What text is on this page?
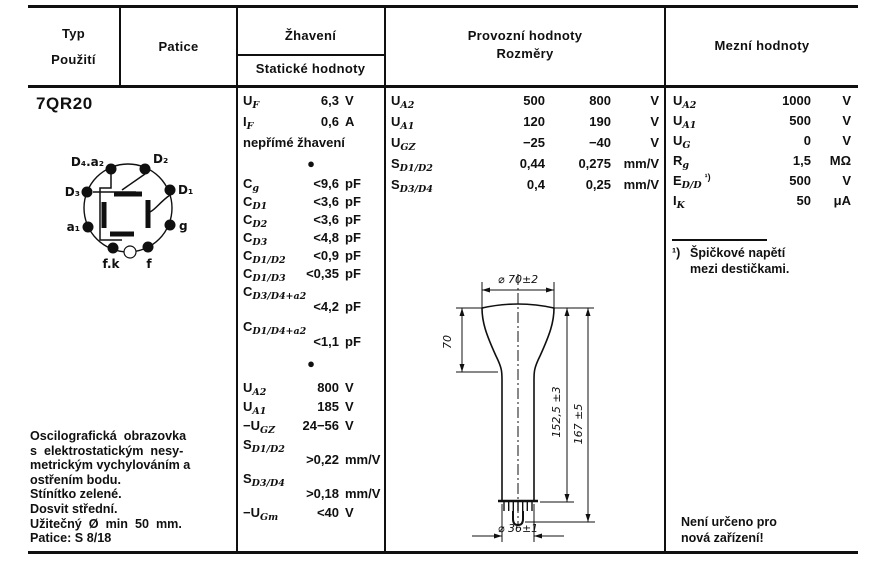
Typ
Použití
Patice
Žhavení
Statické hodnoty
Provozní hodnoty
Rozměry
Mezní hodnoty
7QR20
D₄.a₂	D₂
D₃	D₁
a₁	g
f.k f
Oscilografická  obrazovka
s  elektrostatickým  nesy-
metrickým vychylováním a
ostřením bodu.
Stínítko zelené.
Dosvit střední.
Užitečný  Ø  min  50  mm.
Patice: S 8/18
$U_F$	6,3 V
$I_F$	0,6 A
nepřímé žhavení
●
$C_g$	<9,6 pF
$C_{D1}$	<3,6 pF
$C_{D2}$	<3,6 pF
$C_{D3}$	<4,8 pF
$C_{D1/D2}$	<0,9 pF
$C_{D1/D3}$	<0,35 pF
$C_{D3/D4+a2}$
<4,2 pF
$C_{D1/D4+a2}$
<1,1 pF
●
$U_{A2}$	800 V
$U_{A1}$	185 V
$-U_{GZ}$	24−56 V
$S_{D1/D2}$
>0,22 mm/V
$S_{D3/D4}$
>0,18 mm/V
$-U_{Gm}$	<40 V
$U_{A2}$	500	800	V
$U_{A1}$	120	190	V
$U_{GZ}$	−25	−40	V
$S_{D1/D2}$	0,44	0,275 mm/V
$S_{D3/D4}$	0,4	0,25 mm/V
⌀ 70±2
70
152,5 ±3 167 ±5
⌀ 36±1
$U_{A2}$	1000	V
$U_{A1}$	500	V
$U_G$	0	V
$R_g$	1,5	MΩ
$E_{D/D}^{^1)}$	500	V
$I_K$	50	μA
¹) Špičkové napětí
mezi destičkami.
Není určeno pro
nová zařízení!
